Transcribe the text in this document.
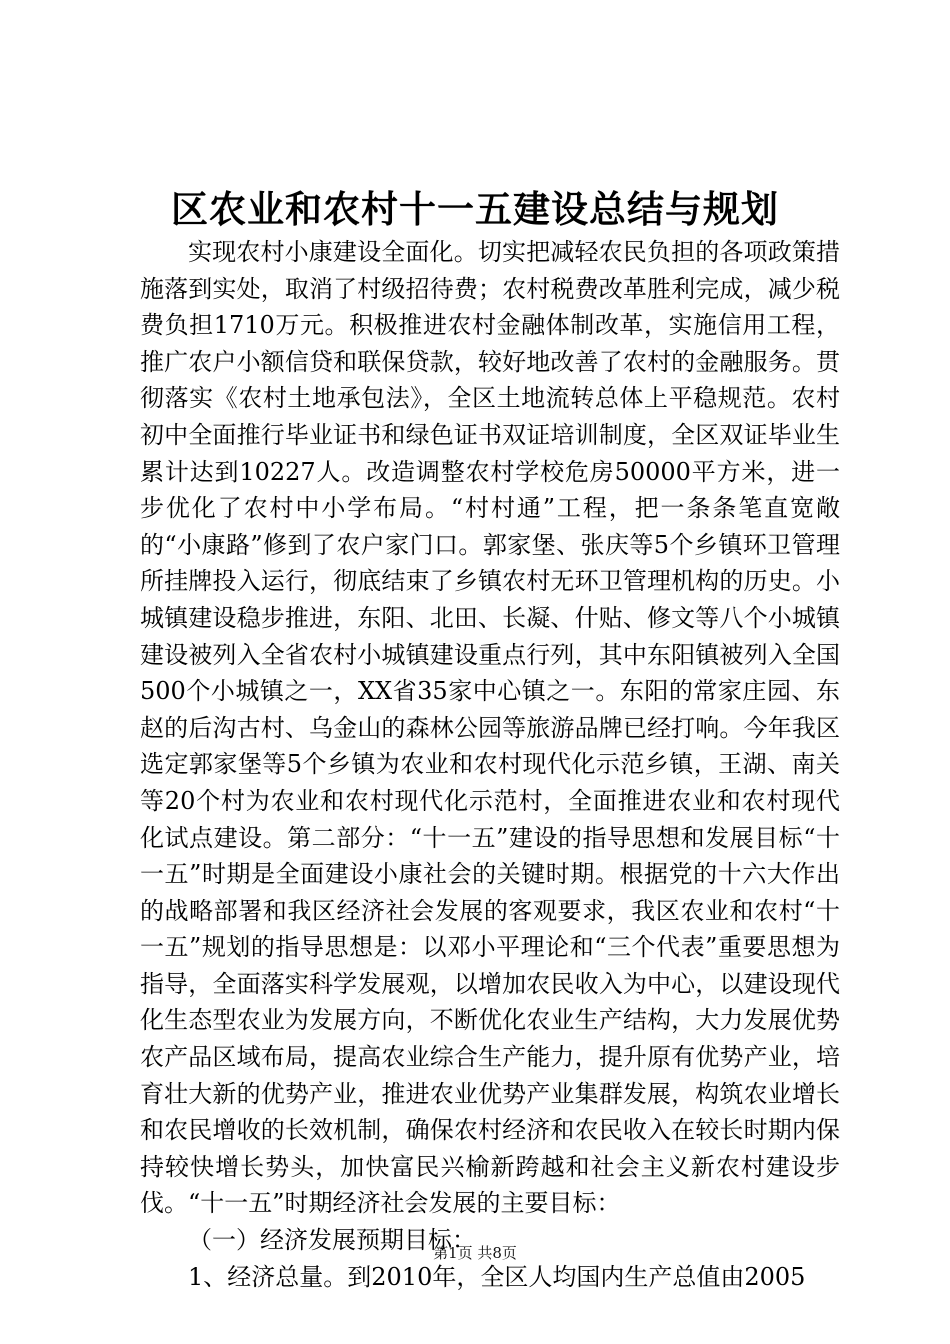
区农业和农村十一五建设总结与规划

实现农村小康建设全面化。切实把减轻农民负担的各项政策措施落到实处，取消了村级招待费；农村税费改革胜利完成，减少税费负担1710万元。积极推进农村金融体制改革，实施信用工程，推广农户小额信贷和联保贷款，较好地改善了农村的金融服务。贯彻落实《农村土地承包法》，全区土地流转总体上平稳规范。农村初中全面推行毕业证书和绿色证书双证培训制度，全区双证毕业生累计达到10227人。改造调整农村学校危房50000平方米，进一步优化了农村中小学布局。“村村通”工程，把一条条笔直宽敞的“小康路”修到了农户家门口。郭家堡、张庆等5个乡镇环卫管理所挂牌投入运行，彻底结束了乡镇农村无环卫管理机构的历史。小城镇建设稳步推进，东阳、北田、长凝、什贴、修文等八个小城镇建设被列入全省农村小城镇建设重点行列，其中东阳镇被列入全国500个小城镇之一，XX省35家中心镇之一。东阳的常家庄园、东赵的后沟古村、乌金山的森林公园等旅游品牌已经打响。今年我区选定郭家堡等5个乡镇为农业和农村现代化示范乡镇，王湖、南关等20个村为农业和农村现代化示范村，全面推进农业和农村现代化试点建设。第二部分：“十一五”建设的指导思想和发展目标“十一五”时期是全面建设小康社会的关键时期。根据党的十六大作出的战略部署和我区经济社会发展的客观要求，我区农业和农村“十一五”规划的指导思想是：以邓小平理论和“三个代表”重要思想为指导，全面落实科学发展观，以增加农民收入为中心，以建设现代化生态型农业为发展方向，不断优化农业生产结构，大力发展优势农产品区域布局，提高农业综合生产能力，提升原有优势产业，培育壮大新的优势产业，推进农业优势产业集群发展，构筑农业增长和农民增收的长效机制，确保农村经济和农民收入在较长时期内保持较快增长势头，加快富民兴榆新跨越和社会主义新农村建设步伐。“十一五”时期经济社会发展的主要目标：

（一）经济发展预期目标：

1、经济总量。到2010年，全区人均国内生产总值由2005

第1页 共8页
